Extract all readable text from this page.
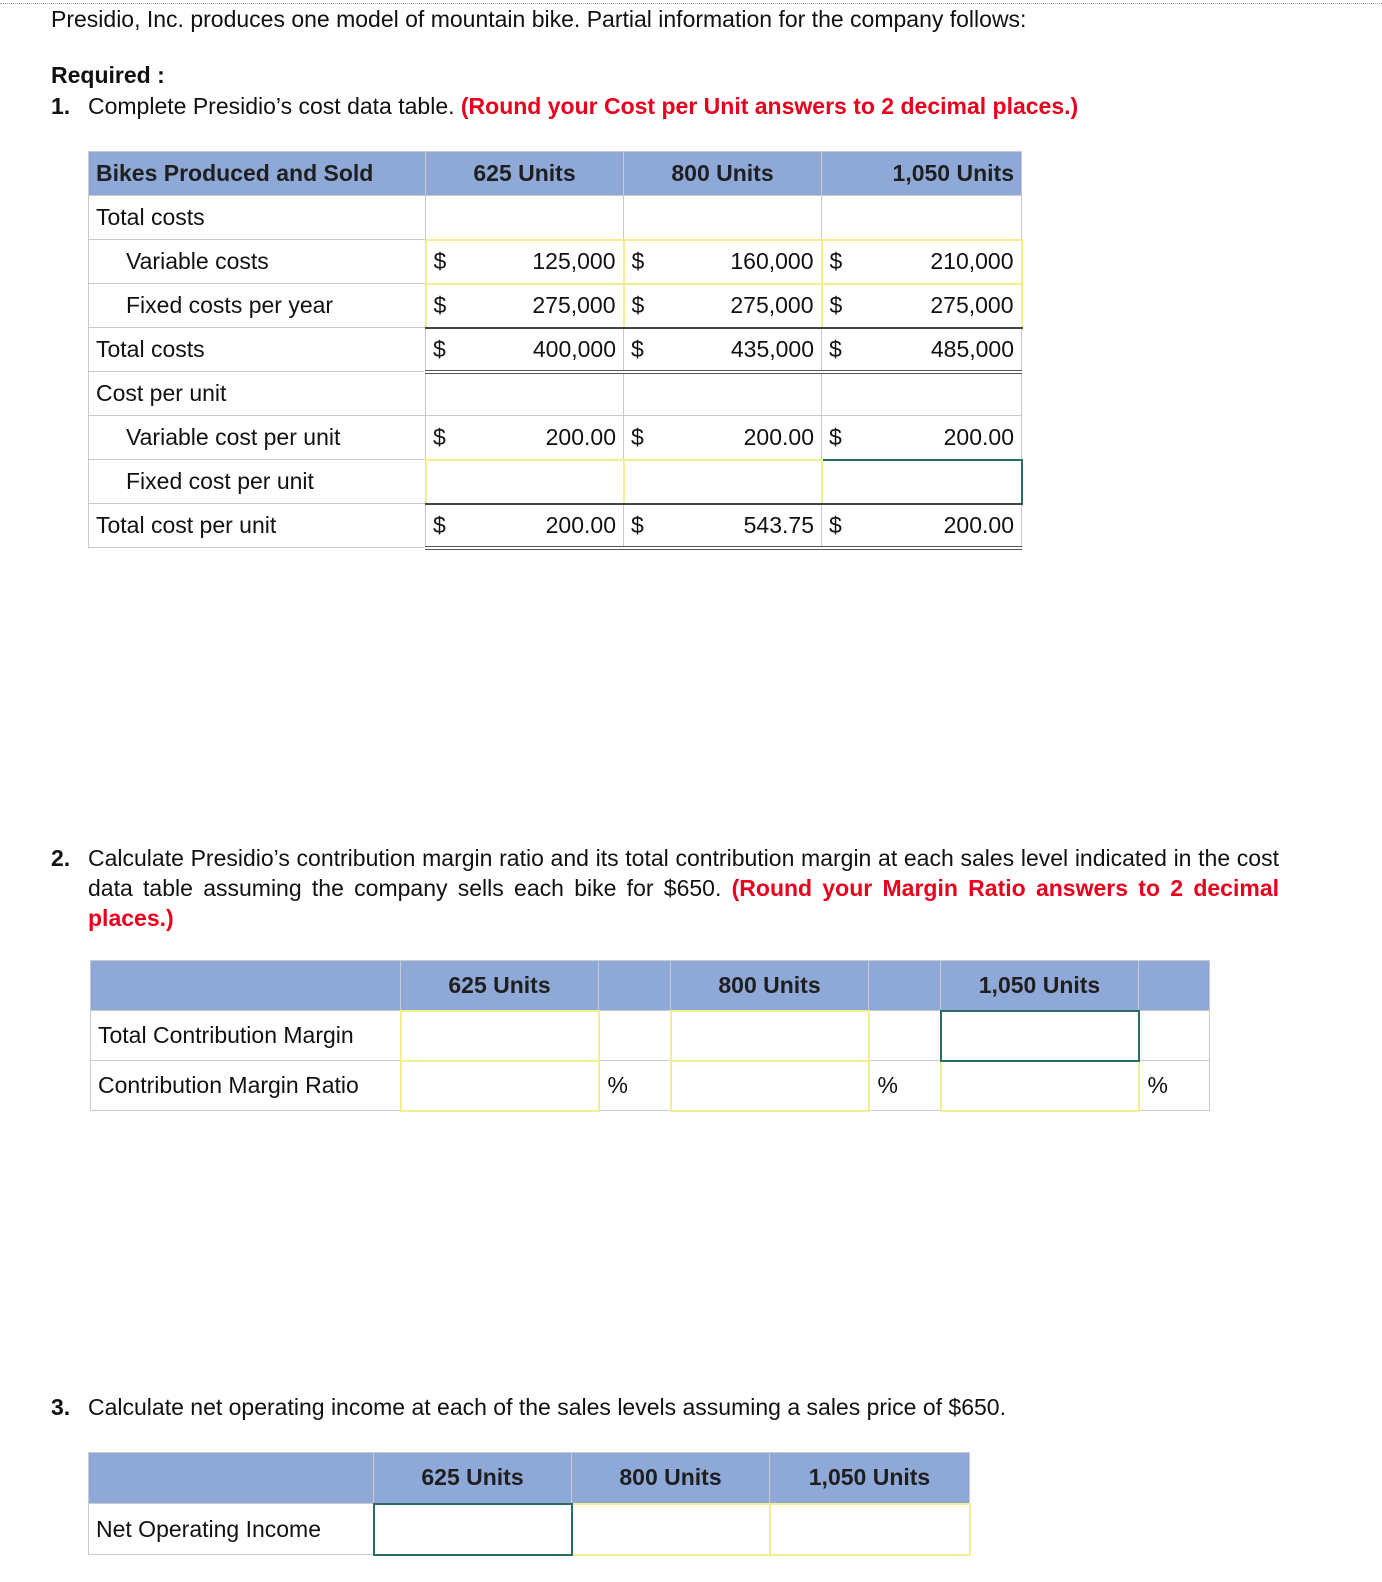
Presidio, Inc. produces one model of mountain bike. Partial information for the company follows:
Required :
1. Complete Presidio’s cost data table. (Round your Cost per Unit answers to 2 decimal places.)
Bikes Produced and Sold	625 Units	800 Units	1,050 Units
Total costs			
Variable costs	$ 125,000	$ 160,000	$ 210,000
Fixed costs per year	$ 275,000	$ 275,000	$ 275,000
Total costs	$ 400,000	$ 435,000	$ 485,000
Cost per unit			
Variable cost per unit	$ 200.00	$ 200.00	$ 200.00
Fixed cost per unit			
Total cost per unit	$ 200.00	$ 543.75	$ 200.00
2. Calculate Presidio’s contribution margin ratio and its total contribution margin at each sales level indicated in the cost data table assuming the company sells each bike for $650. (Round your Margin Ratio answers to 2 decimal places.)
	625 Units		800 Units		1,050 Units	
Total Contribution Margin						
Contribution Margin Ratio		%		%		%
3. Calculate net operating income at each of the sales levels assuming a sales price of $650.
	625 Units	800 Units	1,050 Units
Net Operating Income			
